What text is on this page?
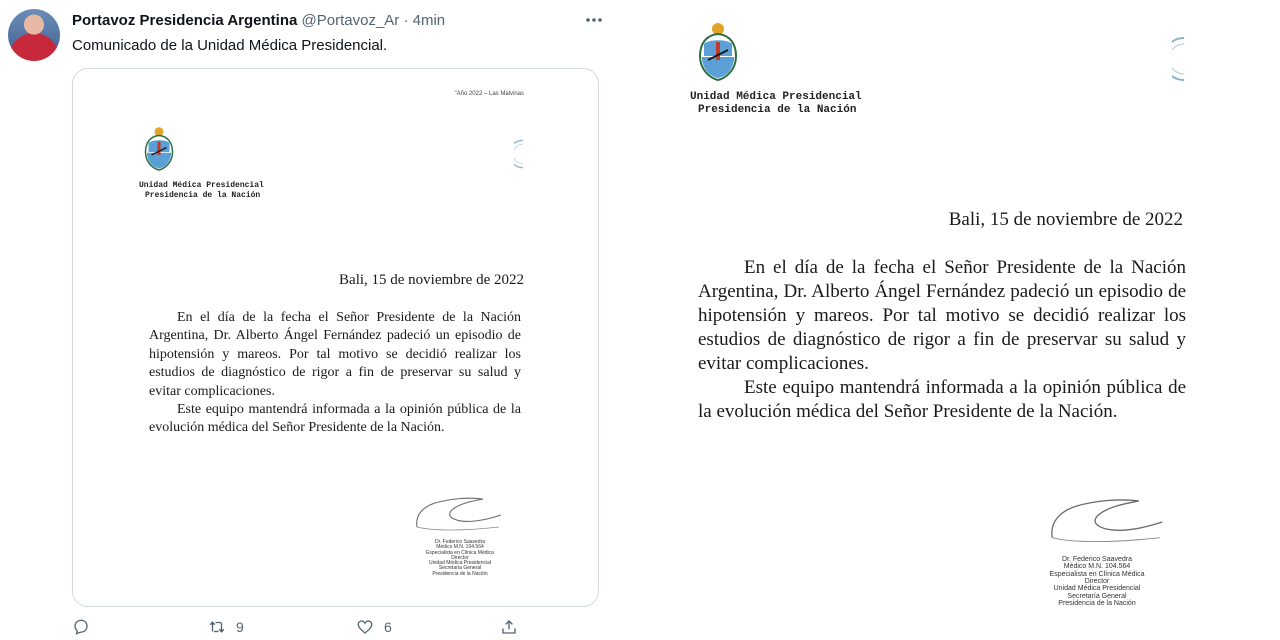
Portavoz Presidencia Argentina @Portavoz_Ar · 4min
Comunicado de la Unidad Médica Presidencial.
"Año 2022 – Las Malvinas
Unidad Médica Presidencial
Presidencia de la Nación
Bali, 15 de noviembre de 2022

En el día de la fecha el Señor Presidente de la Nación Argentina, Dr. Alberto Ángel Fernández padeció un episodio de hipotensión y mareos. Por tal motivo se decidió realizar los estudios de diagnóstico de rigor a fin de preservar su salud y evitar complicaciones.

Este equipo mantendrá informada a la opinión pública de la evolución médica del Señor Presidente de la Nación.

Dr. Federico Saavedra
Médico M.N. 104.564
Especialista en Clínica Médica
Director
Unidad Médica Presidencial
Secretaría General
Presidencia de la Nación
9	6
Unidad Médica Presidencial
Presidencia de la Nación
Bali, 15 de noviembre de 2022

En el día de la fecha el Señor Presidente de la Nación Argentina, Dr. Alberto Ángel Fernández padeció un episodio de hipotensión y mareos. Por tal motivo se decidió realizar los estudios de diagnóstico de rigor a fin de preservar su salud y evitar complicaciones.

Este equipo mantendrá informada a la opinión pública de la evolución médica del Señor Presidente de la Nación.

Dr. Federico Saavedra
Médico M.N. 104.564
Especialista en Clínica Médica
Director
Unidad Médica Presidencial
Secretaría General
Presidencia de la Nación
